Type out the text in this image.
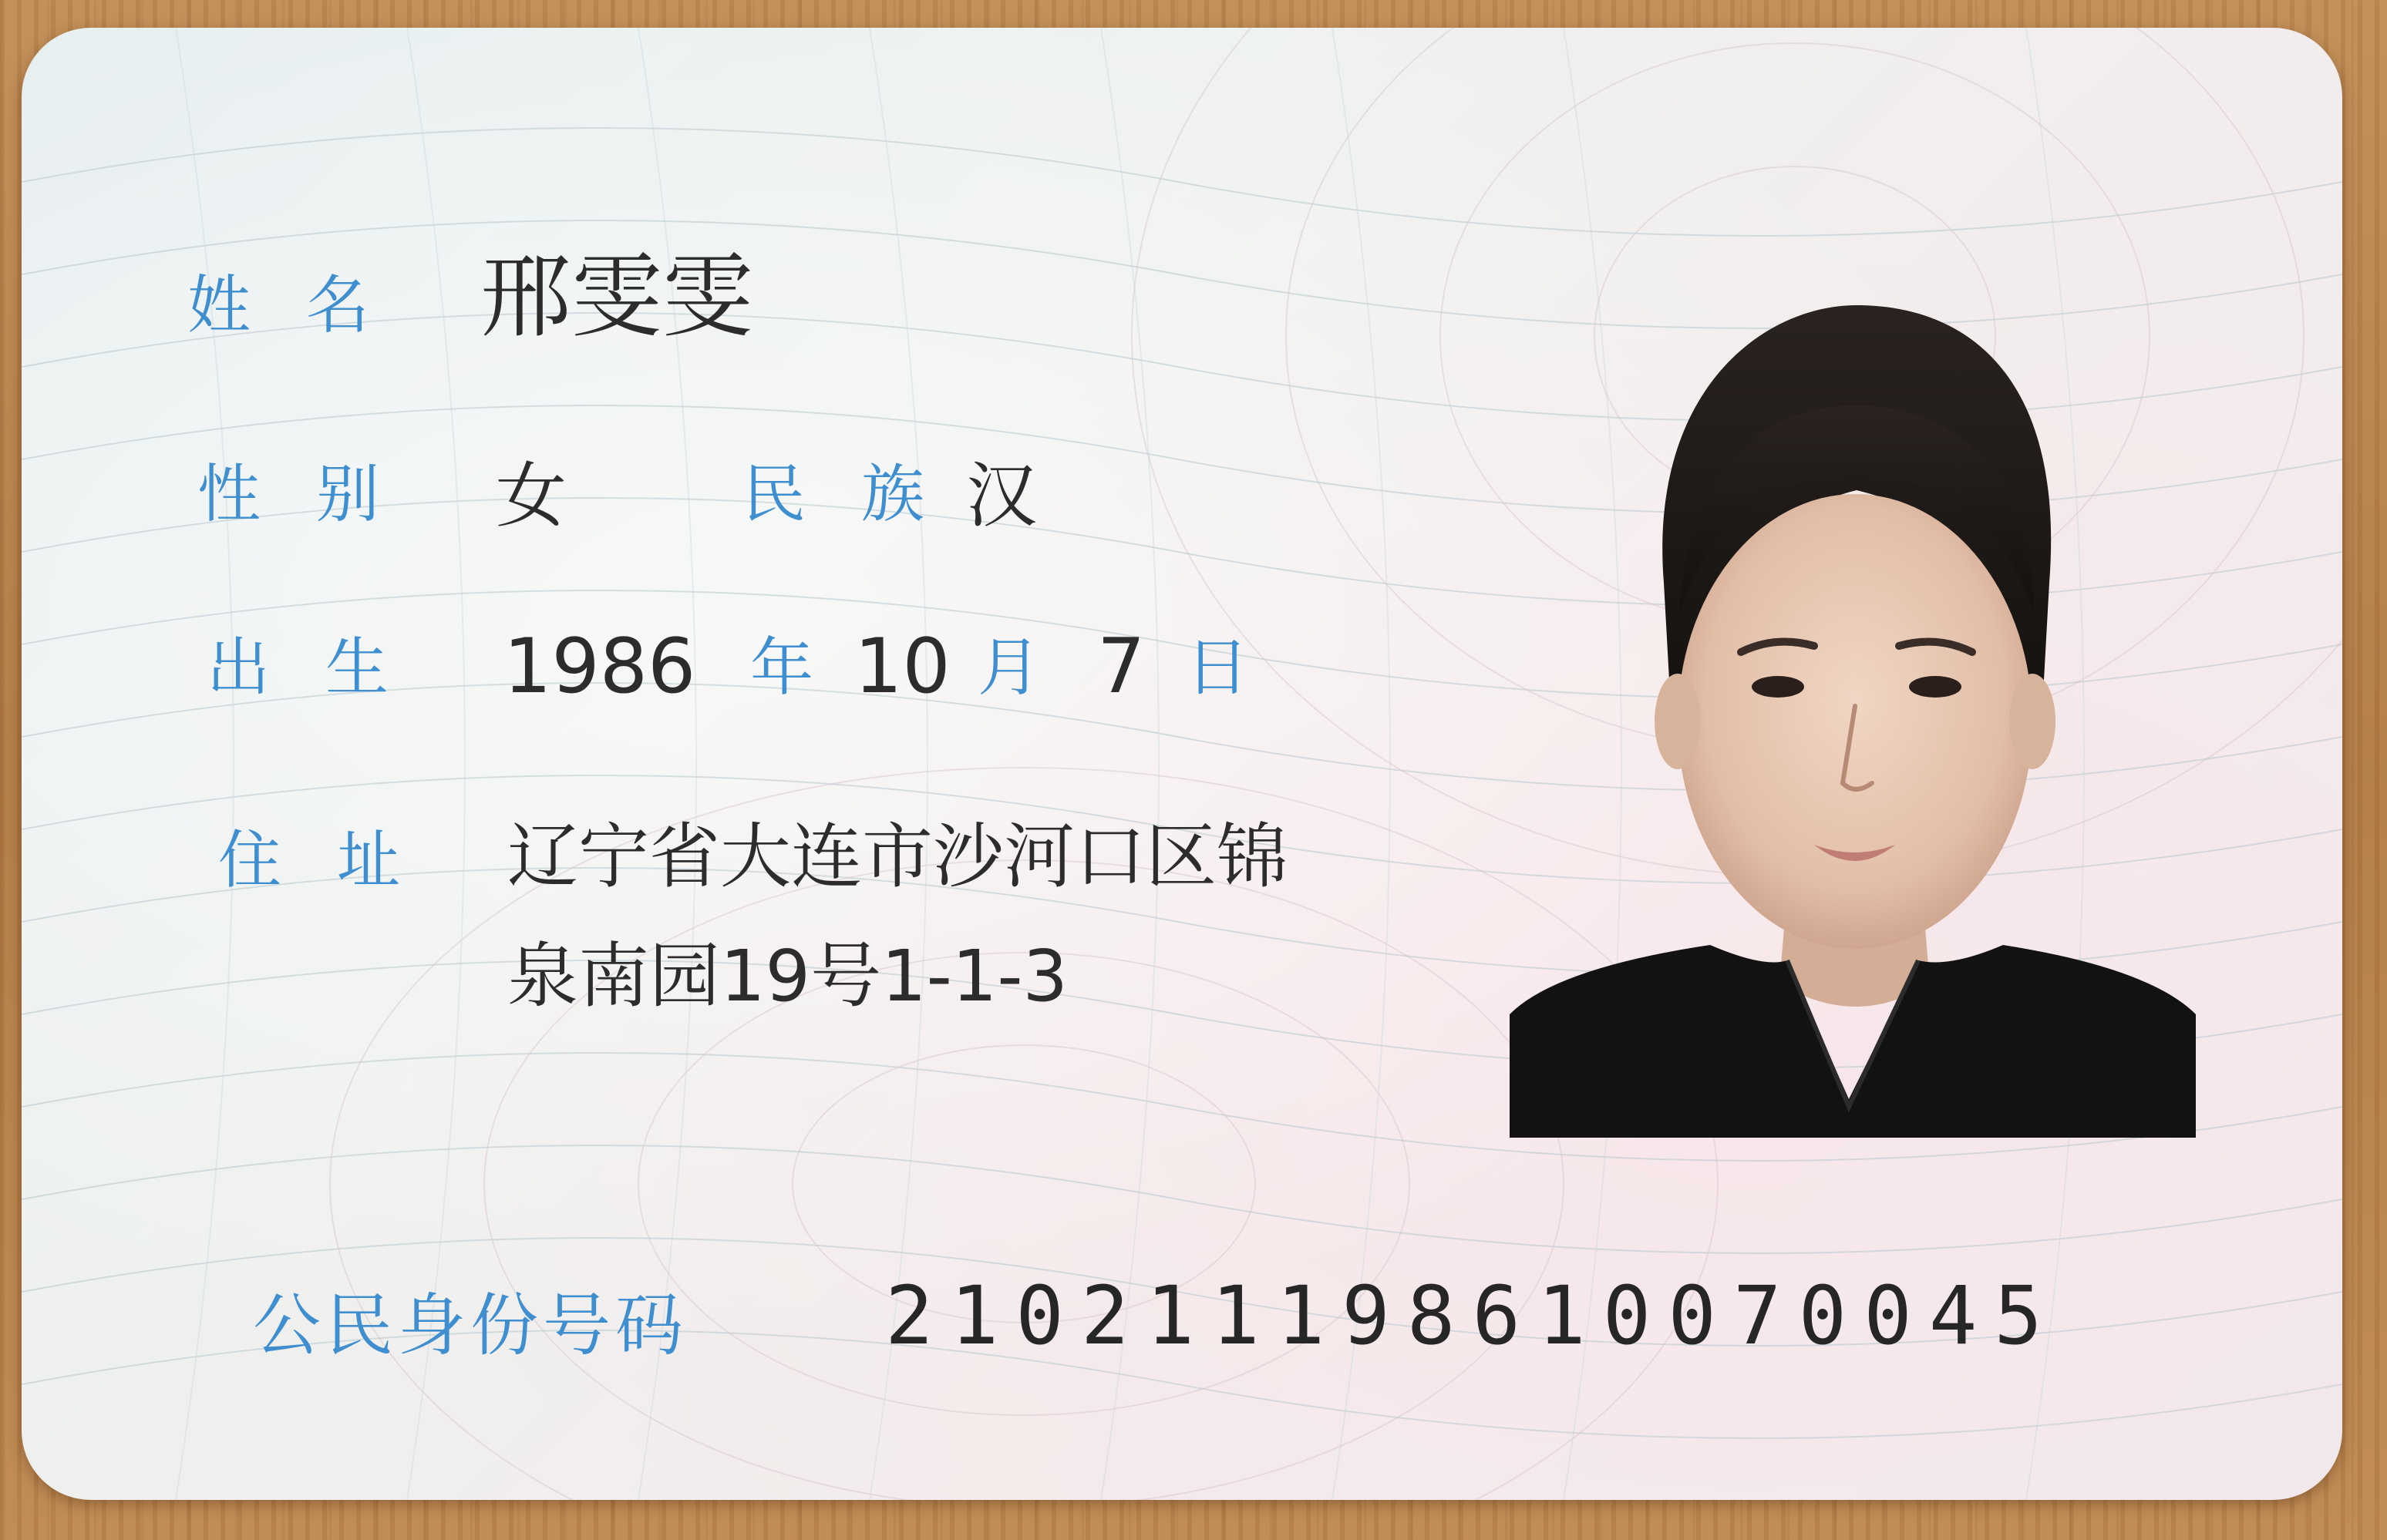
姓名 邢雯雯
性别 女	民族
汉
出生 1986 年 10 月 7 日
住址 辽宁省大连市沙河口区锦
泉南园19号1-1-3
公民身份号码 210211198610070045
